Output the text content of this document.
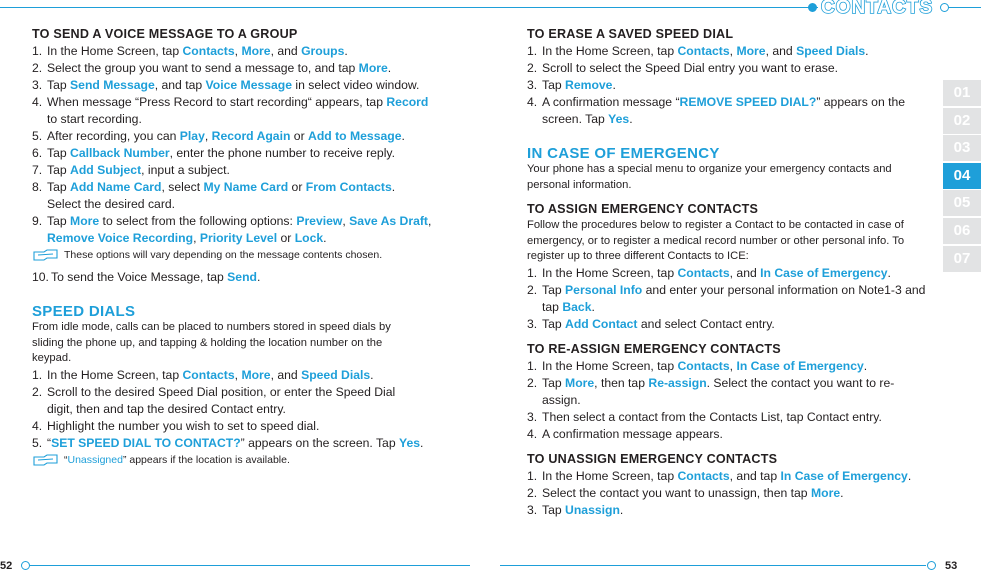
CONTACTS
01
02
03
04
05
06
07

TO SEND A VOICE MESSAGE TO A GROUP

1. In the Home Screen, tap Contacts, More, and Groups.

2. Select the group you want to send a message to, and tap More.

3. Tap Send Message, and tap Voice Message in select video window.

4. When message “Press Record to start recording“ appears, tap Record to start recording.

5. After recording, you can Play, Record Again or Add to Message.

6. Tap Callback Number, enter the phone number to receive reply.

7. Tap Add Subject, input a subject.

8. Tap Add Name Card, select My Name Card or From Contacts. Select the desired card.

9. Tap More to select from the following options: Preview, Save As Draft, Remove Voice Recording, Priority Level or Lock.

These options will vary depending on the message contents chosen.

10. To send the Voice Message, tap Send.

SPEED DIALS

From idle mode, calls can be placed to numbers stored in speed dials by sliding the phone up, and tapping & holding the location number on the keypad.

1. In the Home Screen, tap Contacts, More, and Speed Dials.

2. Scroll to the desired Speed Dial position, or enter the Speed Dial digit, then and tap the desired Contact entry.

4. Highlight the number you wish to set to speed dial.

5. “SET SPEED DIAL TO CONTACT?” appears on the screen. Tap Yes.

“Unassigned” appears if the location is available.

TO ERASE A SAVED SPEED DIAL

1. In the Home Screen, tap Contacts, More, and Speed Dials.

2. Scroll to select the Speed Dial entry you want to erase.

3. Tap Remove.

4. A confirmation message “REMOVE SPEED DIAL?” appears on the screen. Tap Yes.

IN CASE OF EMERGENCY

Your phone has a special menu to organize your emergency contacts and personal information.

TO ASSIGN EMERGENCY CONTACTS

Follow the procedures below to register a Contact to be contacted in case of emergency, or to register a medical record number or other personal info. To register up to three different Contacts to ICE:

1. In the Home Screen, tap Contacts, and In Case of Emergency.

2. Tap Personal Info and enter your personal information on Note1-3 and tap Back.

3. Tap Add Contact and select Contact entry.

TO RE-ASSIGN EMERGENCY CONTACTS

1. In the Home Screen, tap Contacts, In Case of Emergency.

2. Tap More, then tap Re-assign. Select the contact you want to re-assign.

3. Then select a contact from the Contacts List, tap Contact entry.

4. A confirmation message appears.

TO UNASSIGN EMERGENCY CONTACTS

1. In the Home Screen, tap Contacts, and tap In Case of Emergency.

2. Select the contact you want to unassign, then tap More.

3. Tap Unassign.

52	53
